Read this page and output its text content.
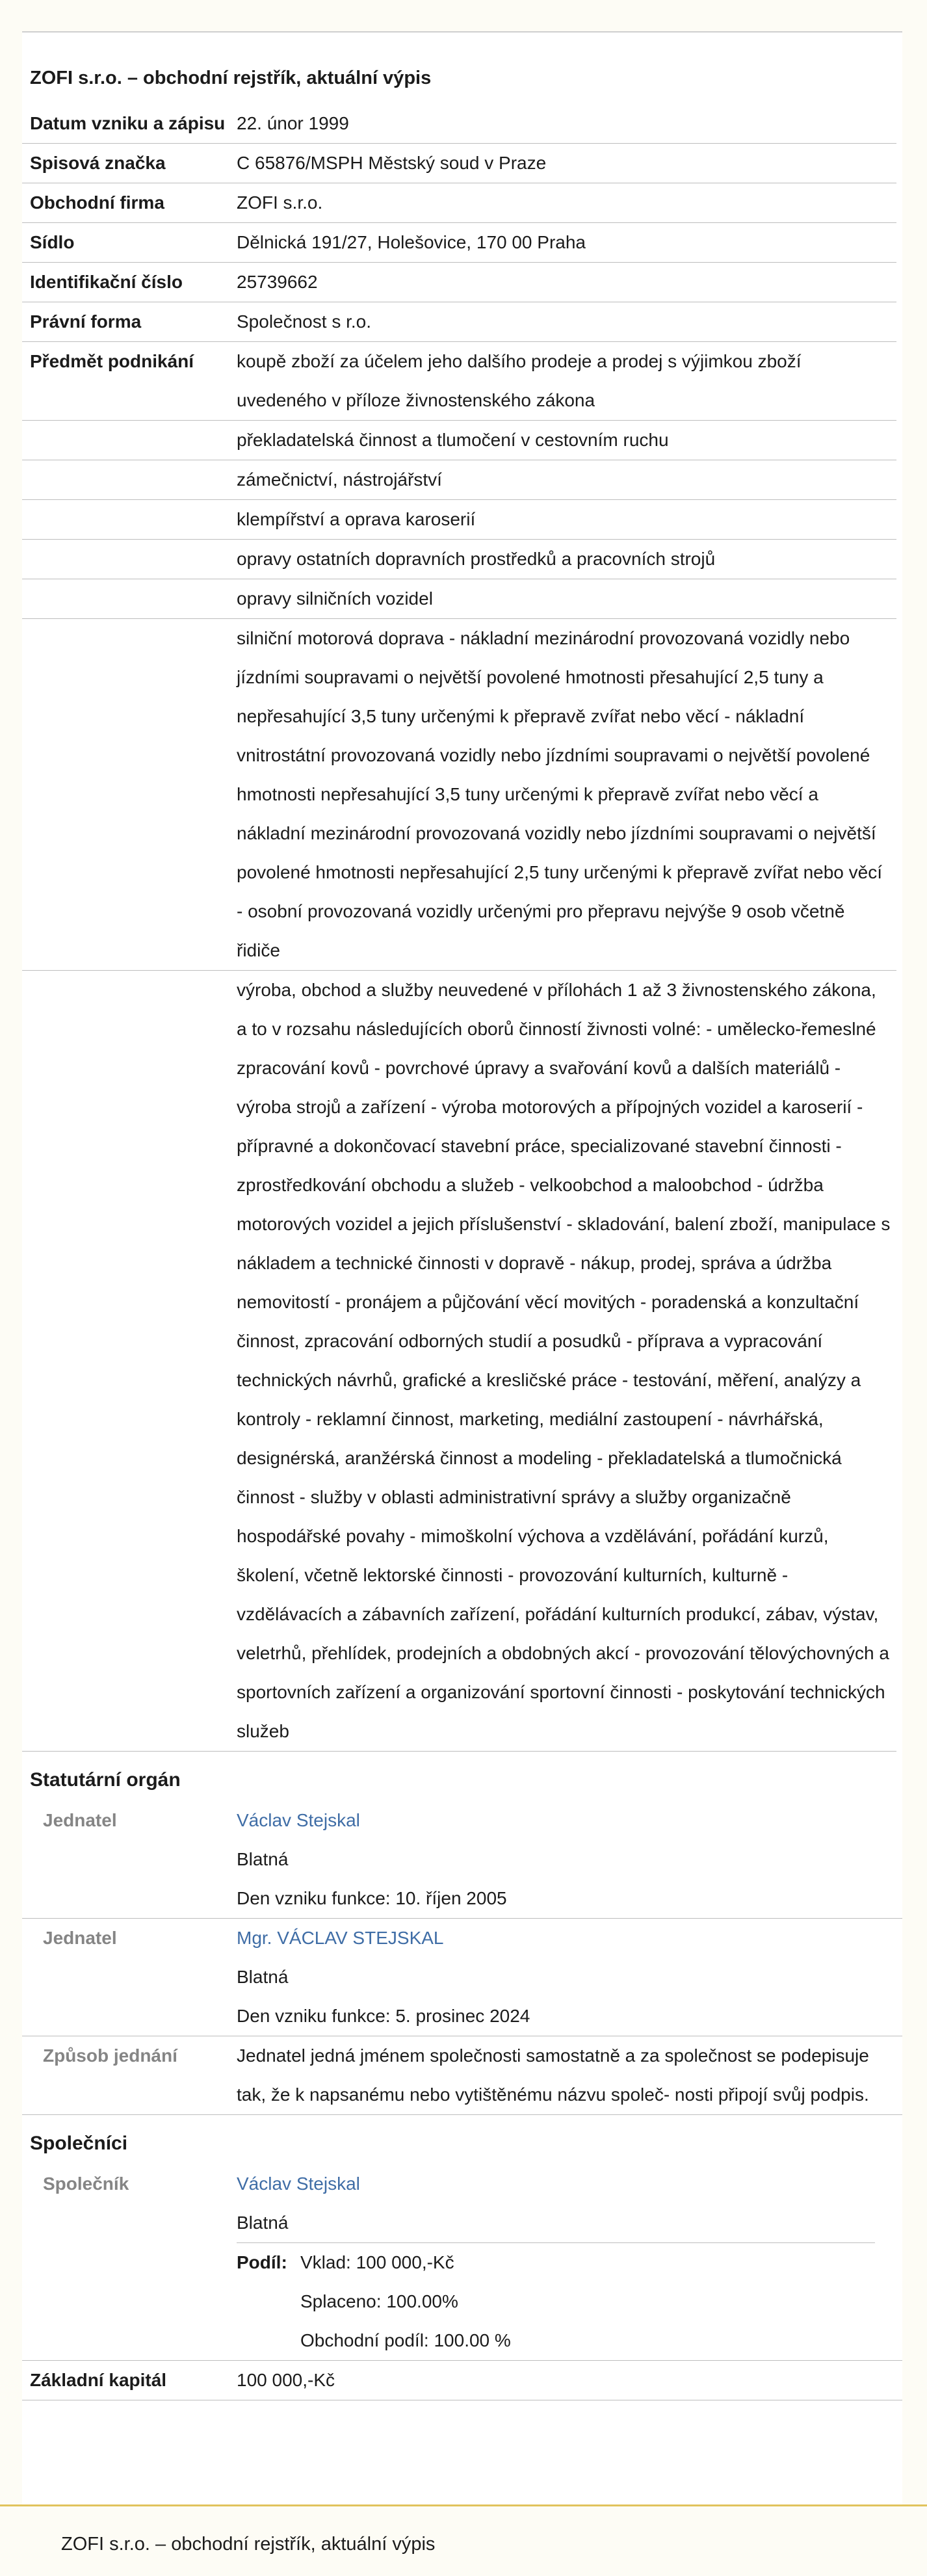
ZOFI s.r.o. – obchodní rejstřík, aktuální výpis
Datum vzniku a zápisu	22. únor 1999
Spisová značka	C 65876/MSPH Městský soud v Praze
Obchodní firma	ZOFI s.r.o.
Sídlo	Dělnická 191/27, Holešovice, 170 00 Praha
Identifikační číslo	25739662
Právní forma	Společnost s r.o.
Předmět podnikání	koupě zboží za účelem jeho dalšího prodeje a prodej s výjimkou zboží uvedeného v příloze živnostenského zákona
	překladatelská činnost a tlumočení v cestovním ruchu
	zámečnictví, nástrojářství
	klempířství a oprava karoserií
	opravy ostatních dopravních prostředků a pracovních strojů
	opravy silničních vozidel
	silniční motorová doprava - nákladní mezinárodní provozovaná vozidly nebo jízdními soupravami o největší povolené hmotnosti přesahující 2,5 tuny a nepřesahující 3,5 tuny určenými k přepravě zvířat nebo věcí - nákladní vnitrostátní provozovaná vozidly nebo jízdními soupravami o největší povolené hmotnosti nepřesahující 3,5 tuny určenými k přepravě zvířat nebo věcí a nákladní mezinárodní provozovaná vozidly nebo jízdními soupravami o největší povolené hmotnosti nepřesahující 2,5 tuny určenými k přepravě zvířat nebo věcí - osobní provozovaná vozidly určenými pro přepravu nejvýše 9 osob včetně řidiče
	výroba, obchod a služby neuvedené v přílohách 1 až 3 živnostenského zákona, a to v rozsahu následujících oborů činností živnosti volné: - umělecko-řemeslné zpracování kovů - povrchové úpravy a svařování kovů a dalších materiálů - výroba strojů a zařízení - výroba motorových a přípojných vozidel a karoserií - přípravné a dokončovací stavební práce, specializované stavební činnosti - zprostředkování obchodu a služeb - velkoobchod a maloobchod - údržba motorových vozidel a jejich příslušenství - skladování, balení zboží, manipulace s nákladem a technické činnosti v dopravě - nákup, prodej, správa a údržba nemovitostí - pronájem a půjčování věcí movitých - poradenská a konzultační činnost, zpracování odborných studií a posudků - příprava a vypracování technických návrhů, grafické a kresličské práce - testování, měření, analýzy a kontroly - reklamní činnost, marketing, mediální zastoupení - návrhářská, designérská, aranžérská činnost a modeling - překladatelská a tlumočnická činnost - služby v oblasti administrativní správy a služby organizačně hospodářské povahy - mimoškolní výchova a vzdělávání, pořádání kurzů, školení, včetně lektorské činnosti - provozování kulturních, kulturně - vzdělávacích a zábavních zařízení, pořádání kulturních produkcí, zábav, výstav, veletrhů, přehlídek, prodejních a obdobných akcí - provozování tělovýchovných a sportovních zařízení a organizování sportovní činnosti - poskytování technických služeb
Statutární orgán
Jednatel	Václav Stejskal
Blatná
Den vzniku funkce: 10. říjen 2005
Jednatel	Mgr. VÁCLAV STEJSKAL
Blatná
Den vzniku funkce: 5. prosinec 2024
Způsob jednání	Jednatel jedná jménem společnosti samostatně a za společnost se podepisuje tak, že k napsanému nebo vytištěnému názvu společ- nosti připojí svůj podpis.
Společníci
Společník	Václav Stejskal
Blatná
Podíl: Vklad: 100 000,-Kč
Splaceno: 100.00%
Obchodní podíl: 100.00 %
Základní kapitál	100 000,-Kč
ZOFI s.r.o. – obchodní rejstřík, aktuální výpis
